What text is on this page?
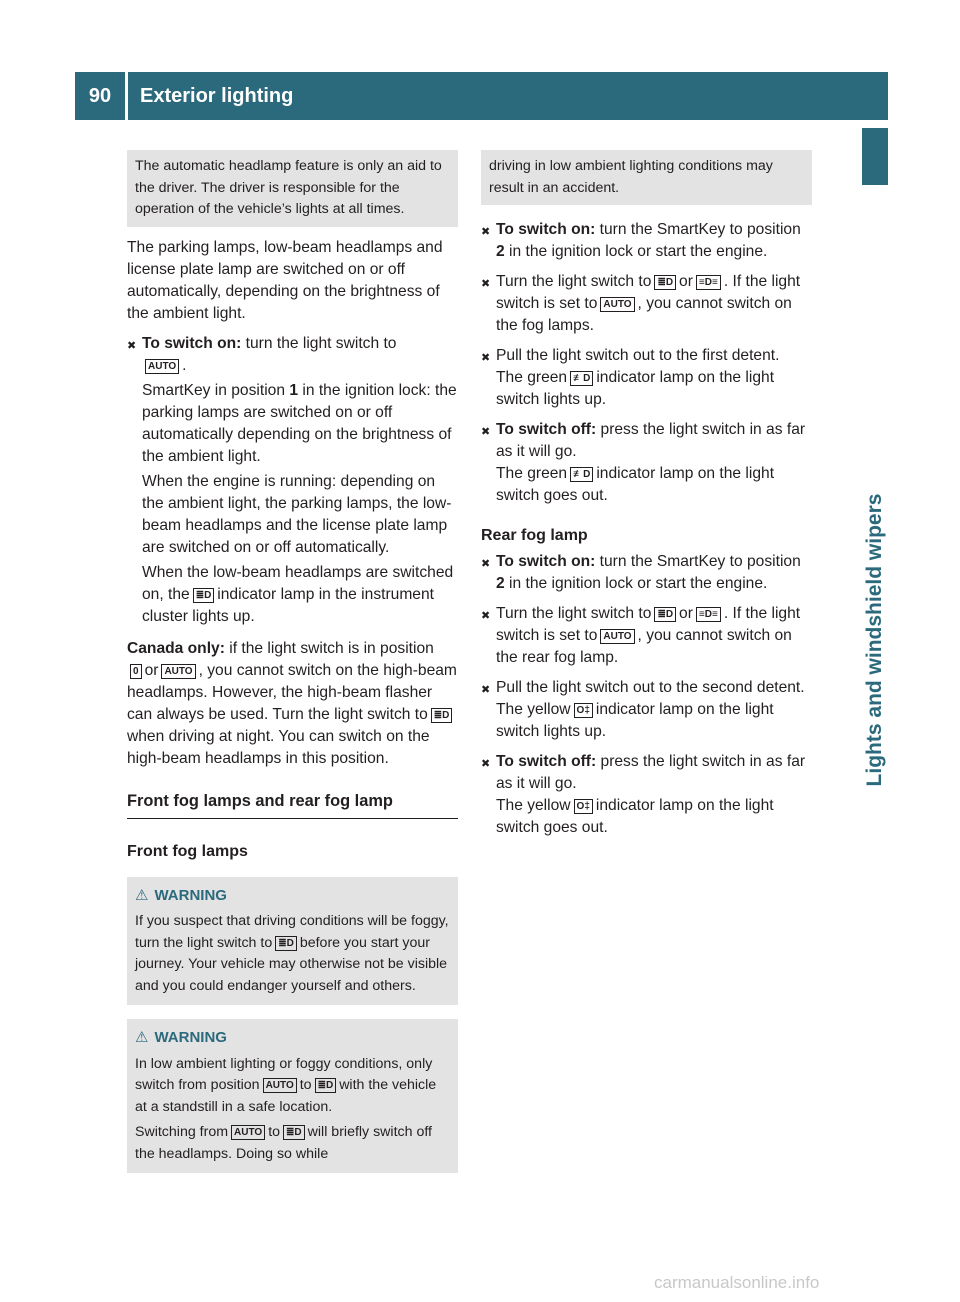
90	Exterior lighting
Lights and windshield wipers

The automatic headlamp feature is only an aid to the driver. The driver is responsible for the operation of the vehicle’s lights at all times.

The parking lamps, low-beam headlamps and license plate lamp are switched on or off automatically, depending on the brightness of the ambient light.

✖ To switch on: turn the light switch to
AUTO .

SmartKey in position 1 in the ignition lock: the parking lamps are switched on or off automatically depending on the brightness of the ambient light.

When the engine is running: depending on the ambient light, the parking lamps, the low-beam headlamps and the license plate lamp are switched on or off automatically.

When the low-beam headlamps are switched on, the ≣D indicator lamp in the instrument cluster lights up.

Canada only: if the light switch is in position
0 or AUTO , you cannot switch on the high-beam headlamps. However, the high-beam flasher can always be used. Turn the light switch to ≣Dwhen driving at night. You can switch on the high-beam headlamps in this position.

Front fog lamps and rear fog lamp
Front fog lamps
⚠ WARNING

If you suspect that driving conditions will be foggy, turn the light switch to ≣D before you start your journey. Your vehicle may otherwise not be visible and you could endanger yourself and others.

⚠ WARNING

In low ambient lighting or foggy conditions, only switch from position AUTO to ≣D with the vehicle at a standstill in a safe location.

Switching from AUTO to ≣D will briefly switch off the headlamps. Doing so while

driving in low ambient lighting conditions may result in an accident.

✖ To switch on: turn the SmartKey to position 2 in the ignition lock or start the engine.
✖ Turn the light switch to ≣D or ≡D≡ . If the light switch is set to AUTO , you cannot switch on the fog lamps.
✖ Pull the light switch out to the first detent.
The green ≢D indicator lamp on the light switch lights up.
✖ To switch off: press the light switch in as far as it will go.
The green ≢D indicator lamp on the light switch goes out.
Rear fog lamp
✖ To switch on: turn the SmartKey to position 2 in the ignition lock or start the engine.
✖ Turn the light switch to ≣D or ≡D≡ . If the light switch is set to AUTO , you cannot switch on the rear fog lamp.
✖ Pull the light switch out to the second detent.
The yellow O‡ indicator lamp on the light switch lights up.
✖ To switch off: press the light switch in as far as it will go.
The yellow O‡ indicator lamp on the light switch goes out.
carmanualsonline.info
